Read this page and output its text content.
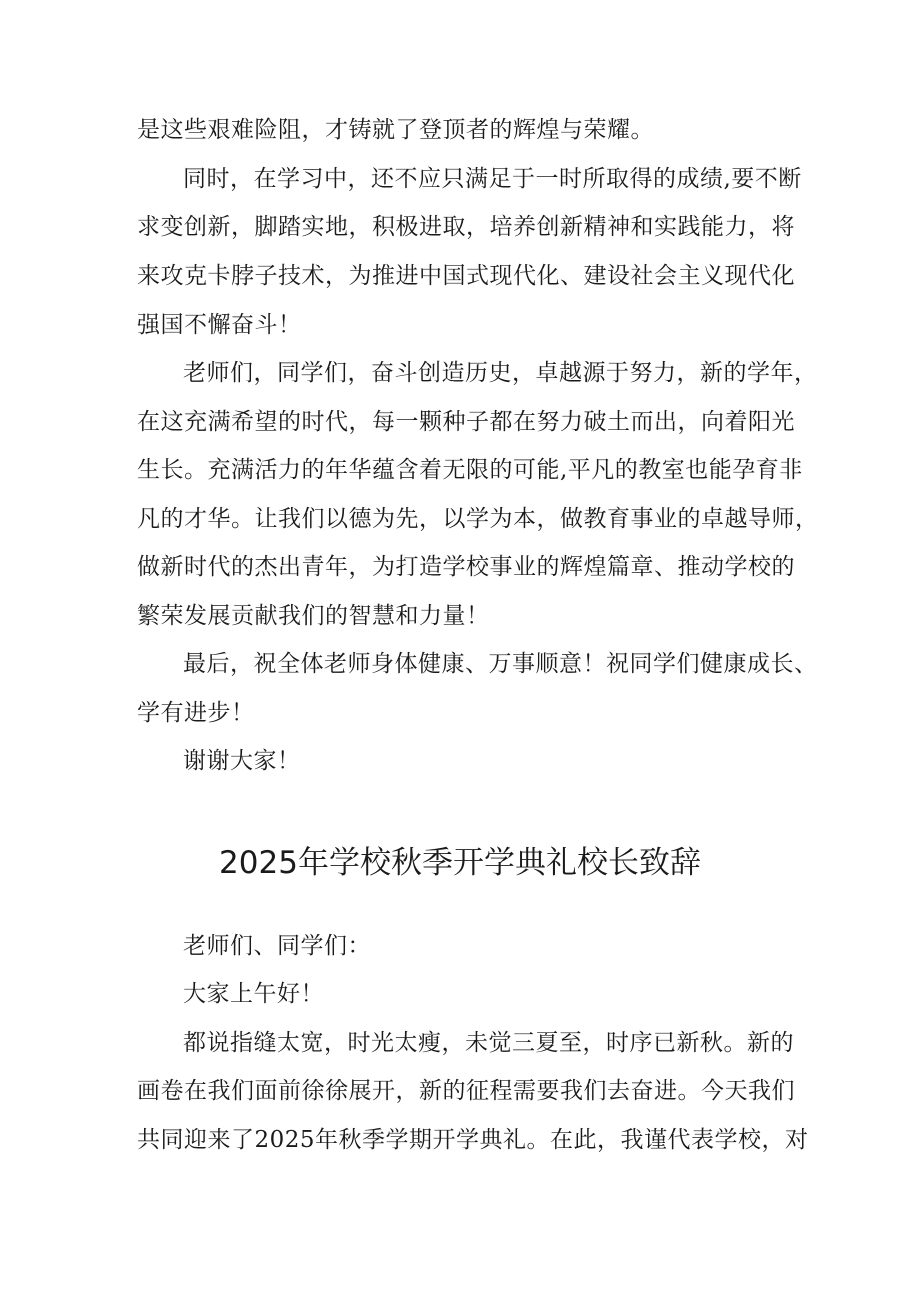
是这些艰难险阻，才铸就了登顶者的辉煌与荣耀。
同时，在学习中，还不应只满足于一时所取得的成绩,要不断
求变创新，脚踏实地，积极进取，培养创新精神和实践能力，将
来攻克卡脖子技术，为推进中国式现代化、建设社会主义现代化
强国不懈奋斗！
老师们，同学们，奋斗创造历史，卓越源于努力，新的学年，
在这充满希望的时代，每一颗种子都在努力破土而出，向着阳光
生长。充满活力的年华蕴含着无限的可能,平凡的教室也能孕育非
凡的才华。让我们以德为先，以学为本，做教育事业的卓越导师，
做新时代的杰出青年，为打造学校事业的辉煌篇章、推动学校的
繁荣发展贡献我们的智慧和力量！
最后，祝全体老师身体健康、万事顺意！祝同学们健康成长、
学有进步！
谢谢大家！
2025年学校秋季开学典礼校长致辞
老师们、同学们：
大家上午好！
都说指缝太宽，时光太瘦，未觉三夏至，时序已新秋。新的
画卷在我们面前徐徐展开，新的征程需要我们去奋进。今天我们
共同迎来了2025年秋季学期开学典礼。在此，我谨代表学校，对
